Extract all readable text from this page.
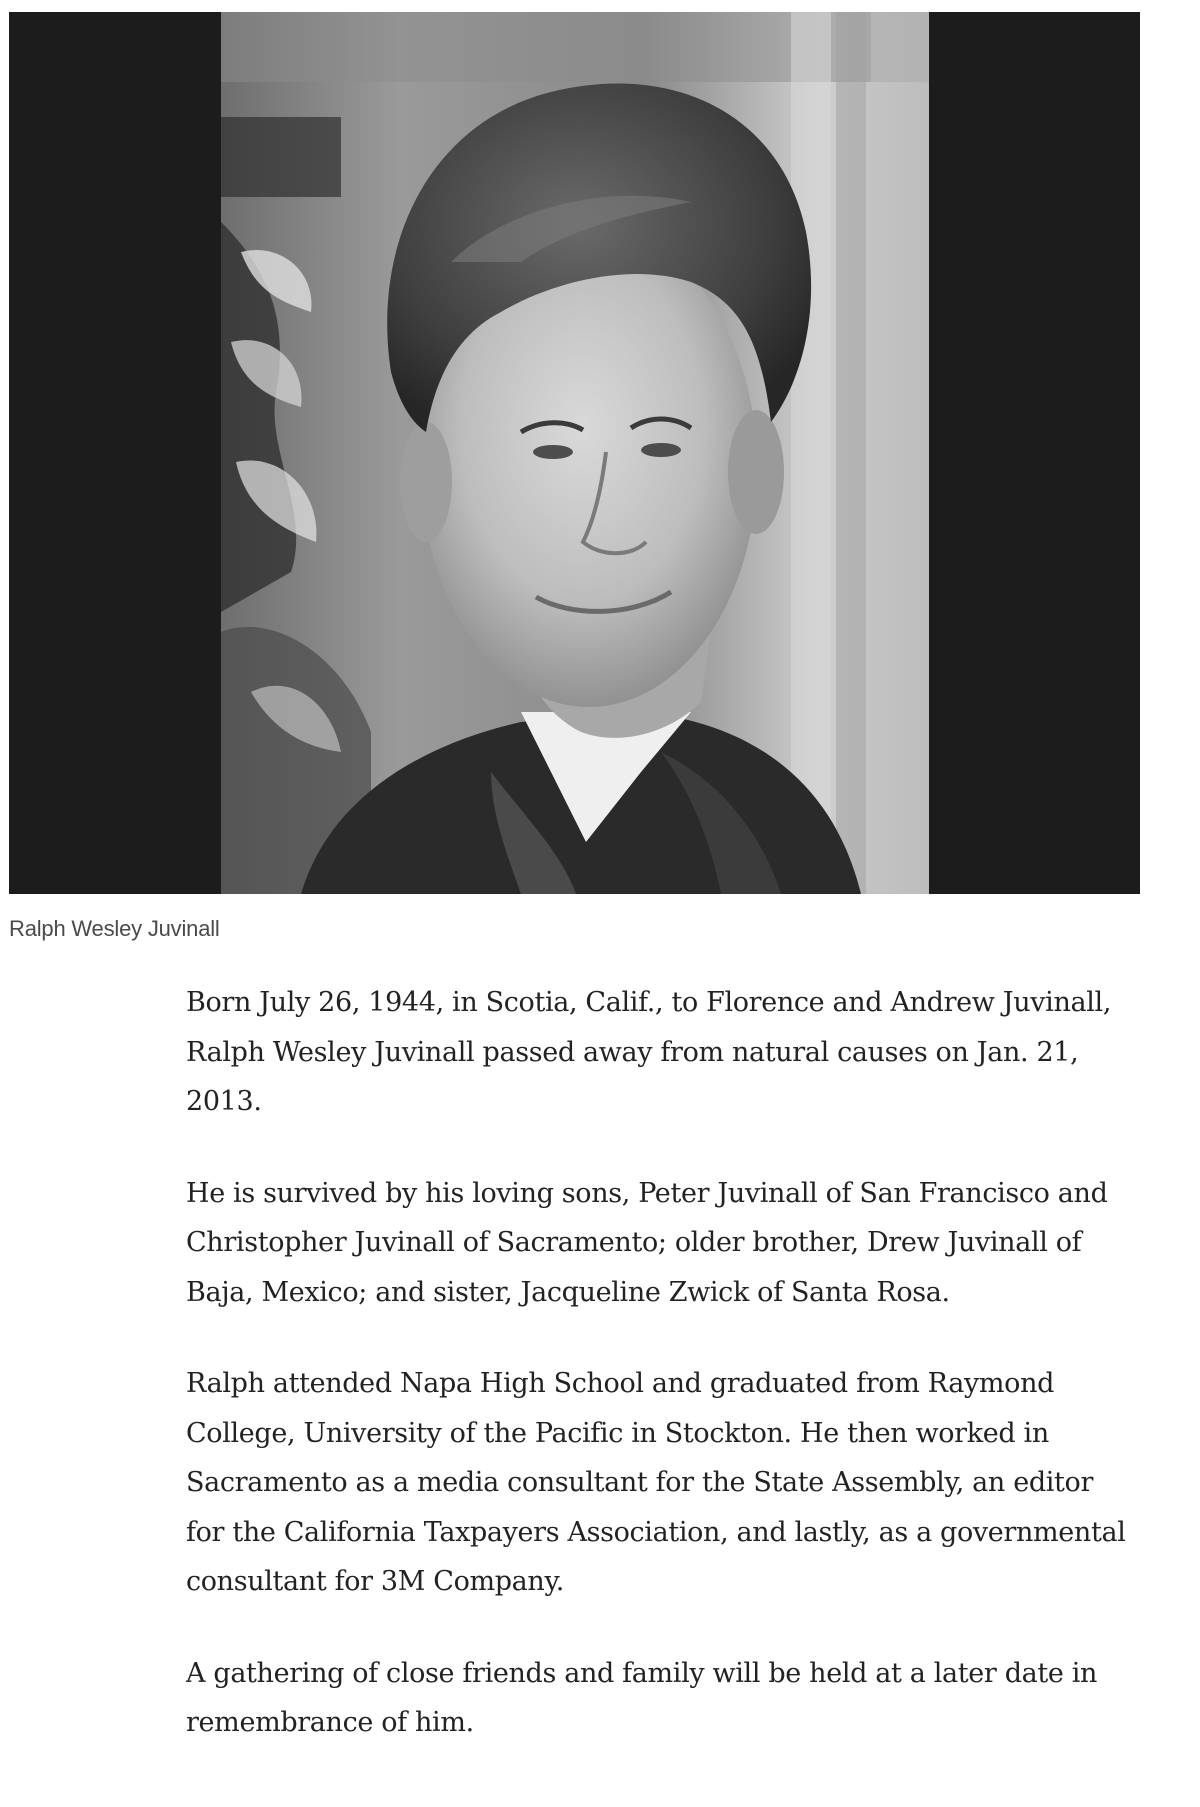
Ralph Wesley Juvinall

Born July 26, 1944, in Scotia, Calif., to Florence and Andrew Juvinall, Ralph Wesley Juvinall passed away from natural causes on Jan. 21, 2013.

He is survived by his loving sons, Peter Juvinall of San Francisco and Christopher Juvinall of Sacramento; older brother, Drew Juvinall of Baja, Mexico; and sister, Jacqueline Zwick of Santa Rosa.

Ralph attended Napa High School and graduated from Raymond College, University of the Pacific in Stockton. He then worked in Sacramento as a media consultant for the State Assembly, an editor for the California Taxpayers Association, and lastly, as a governmental consultant for 3M Company.

A gathering of close friends and family will be held at a later date in remembrance of him.
